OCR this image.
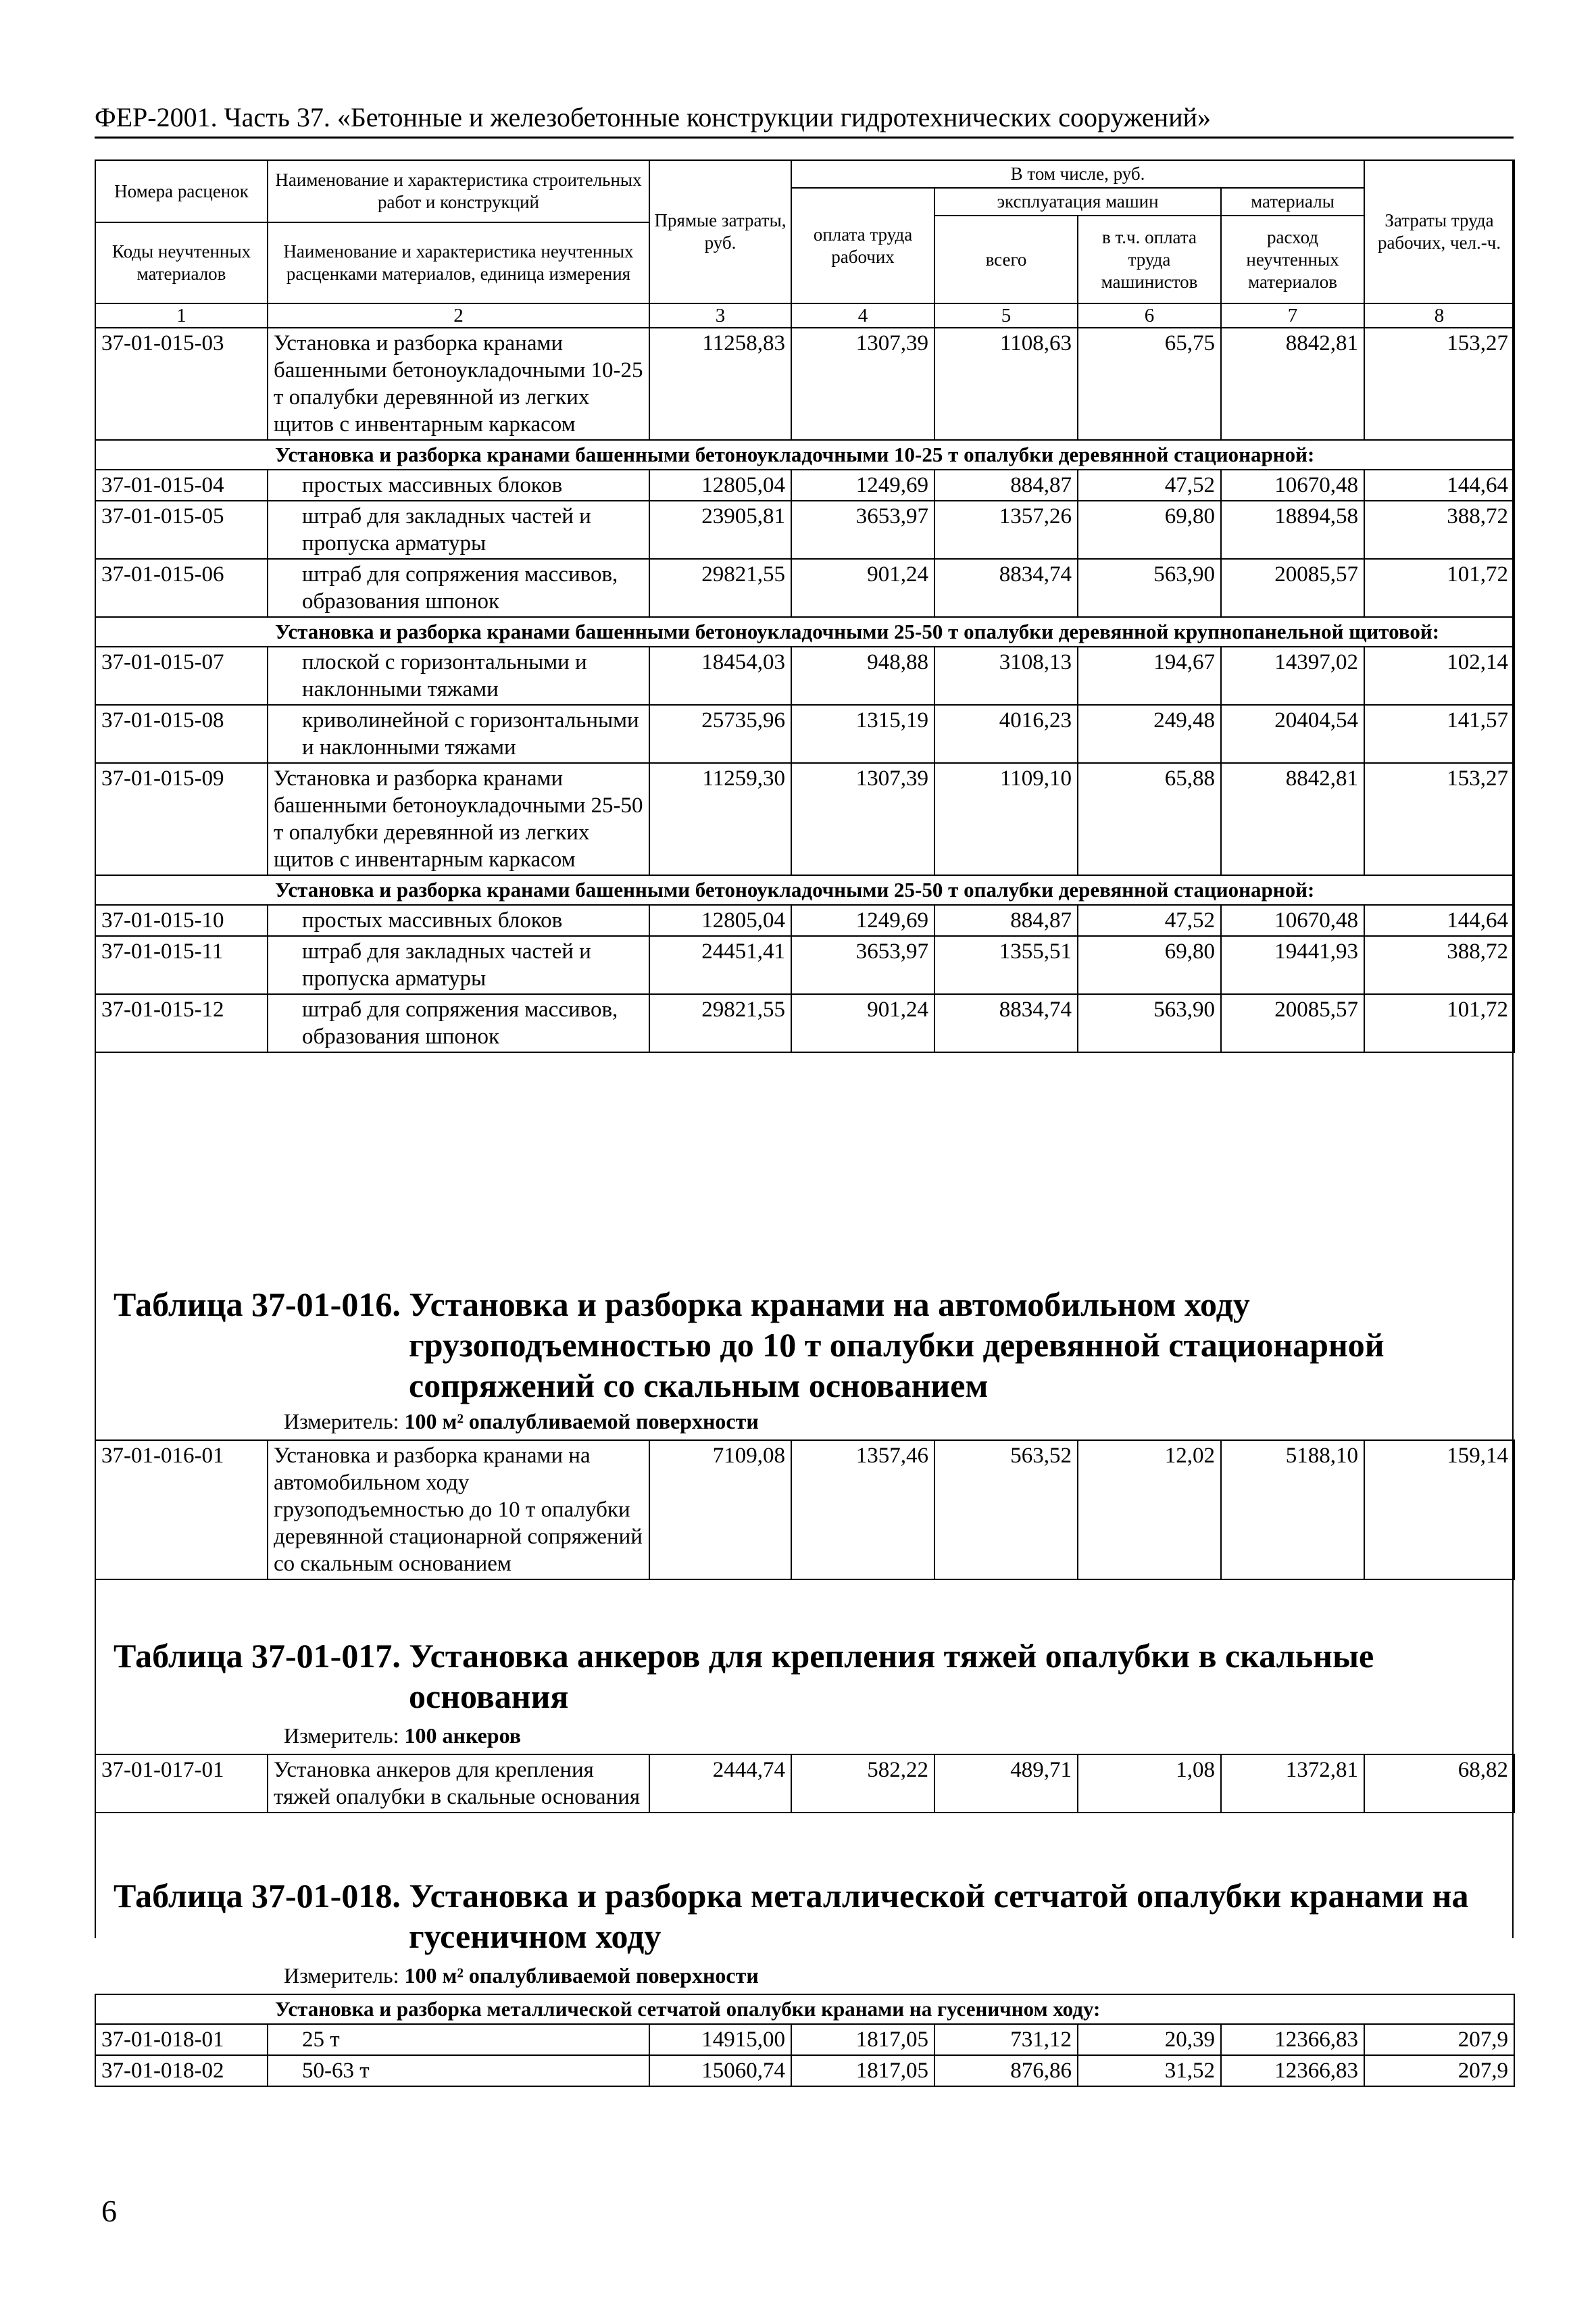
ФЕР-2001. Часть 37. «Бетонные и железобетонные конструкции гидротехнических сооружений»
Номера расценок	Наименование и характеристика строительных работ и конструкций	Прямые затраты, руб.	В том числе, руб.				Затраты труда рабочих, чел.-ч.
			оплата труда рабочих	эксплуатация машин		материалы	
				всего	в т.ч. оплата труда машинистов	расход неучтенных материалов	
Коды неучтенных материалов	Наименование и характеристика неучтенных расценками материалов, единица измерения						

1	2	3	4	5	6	7	8
37-01-015-03	Установка и разборка кранами башенными бетоноукладочными 10-25 т опалубки деревянной из легких щитов с инвентарным каркасом	11258,83	1307,39	1108,63	65,75	8842,81	153,27
Установка и разборка кранами башенными бетоноукладочными 10-25 т опалубки деревянной стационарной:							
37-01-015-04	простых массивных блоков	12805,04	1249,69	884,87	47,52	10670,48	144,64
37-01-015-05	штраб для закладных частей и пропуска арматуры	23905,81	3653,97	1357,26	69,80	18894,58	388,72
37-01-015-06	штраб для сопряжения массивов, образования шпонок	29821,55	901,24	8834,74	563,90	20085,57	101,72
Установка и разборка кранами башенными бетоноукладочными 25-50 т опалубки деревянной крупнопанельной щитовой:							
37-01-015-07	плоской с горизонтальными и наклонными тяжами	18454,03	948,88	3108,13	194,67	14397,02	102,14
37-01-015-08	криволинейной с горизонтальными и наклонными тяжами	25735,96	1315,19	4016,23	249,48	20404,54	141,57
37-01-015-09	Установка и разборка кранами башенными бетоноукладочными 25-50 т опалубки деревянной из легких щитов с инвентарным каркасом	11259,30	1307,39	1109,10	65,88	8842,81	153,27
Установка и разборка кранами башенными бетоноукладочными 25-50 т опалубки деревянной стационарной:							
37-01-015-10	простых массивных блоков	12805,04	1249,69	884,87	47,52	10670,48	144,64
37-01-015-11	штраб для закладных частей и пропуска арматуры	24451,41	3653,97	1355,51	69,80	19441,93	388,72
37-01-015-12	штраб для сопряжения массивов, образования шпонок	29821,55	901,24	8834,74	563,90	20085,57	101,72
Таблица 37-01-016. Установка и разборка кранами на автомобильном ходу
грузоподъемностью до 10 т опалубки деревянной стационарной
сопряжений со скальным основанием
Измеритель: 100 м² опалубливаемой поверхности
37-01-016-01	Установка и разборка кранами на автомобильном ходу грузоподъемностью до 10 т опалубки деревянной стационарной сопряжений со скальным основанием	7109,08	1357,46	563,52	12,02	5188,10	159,14
Таблица 37-01-017. Установка анкеров для крепления тяжей опалубки в скальные
основания
Измеритель: 100 анкеров
37-01-017-01	Установка анкеров для крепления тяжей опалубки в скальные основания	2444,74	582,22	489,71	1,08	1372,81	68,82
Таблица 37-01-018. Установка и разборка металлической сетчатой опалубки кранами на
гусеничном ходу
Измеритель: 100 м² опалубливаемой поверхности
Установка и разборка металлической сетчатой опалубки кранами на гусеничном ходу:							
37-01-018-01	25 т	14915,00	1817,05	731,12	20,39	12366,83	207,9
37-01-018-02	50-63 т	15060,74	1817,05	876,86	31,52	12366,83	207,9
6
